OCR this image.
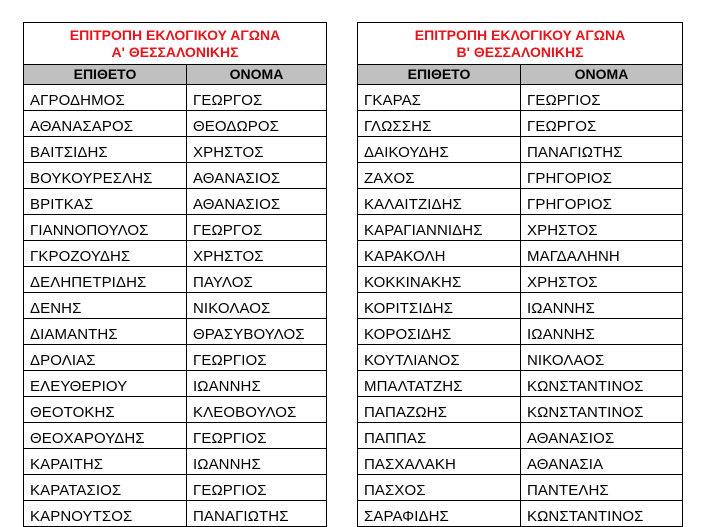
ΕΠΙΤΡΟΠΗ ΕΚΛΟΓΙΚΟΥ ΑΓΩΝΑ
Α' ΘΕΣΣΑΛΟΝΙΚΗΣ	

ΕΠΙΘΕΤΟ	ΟΝΟΜΑ
ΑΓΡΟΔΗΜΟΣ	ΓΕΩΡΓΟΣ
ΑΘΑΝΑΣΑΡΟΣ	ΘΕΟΔΩΡΟΣ
ΒΑΙΤΣΙΔΗΣ	ΧΡΗΣΤΟΣ
ΒΟΥΚΟΥΡΕΣΛΗΣ	ΑΘΑΝΑΣΙΟΣ
ΒΡΙΤΚΑΣ	ΑΘΑΝΑΣΙΟΣ
ΓΙΑΝΝΟΠΟΥΛΟΣ	ΓΕΩΡΓΟΣ
ΓΚΡΟΖΟΥΔΗΣ	ΧΡΗΣΤΟΣ
ΔΕΛΗΠΕΤΡΙΔΗΣ	ΠΑΥΛΟΣ
ΔΕΝΗΣ	ΝΙΚΟΛΑΟΣ
ΔΙΑΜΑΝΤΗΣ	ΘΡΑΣΥΒΟΥΛΟΣ
ΔΡΟΛΙΑΣ	ΓΕΩΡΓΙΟΣ
ΕΛΕΥΘΕΡΙΟΥ	ΙΩΑΝΝΗΣ
ΘΕΟΤΟΚΗΣ	ΚΛΕΟΒΟΥΛΟΣ
ΘΕΟΧΑΡΟΥΔΗΣ	ΓΕΩΡΓΙΟΣ
ΚΑΡΑΙΤΗΣ	ΙΩΑΝΝΗΣ
ΚΑΡΑΤΑΣΙΟΣ	ΓΕΩΡΓΙΟΣ
ΚΑΡΝΟΥΤΣΟΣ	ΠΑΝΑΓΙΩΤΗΣ
ΕΠΙΤΡΟΠΗ ΕΚΛΟΓΙΚΟΥ ΑΓΩΝΑ
Β' ΘΕΣΣΑΛΟΝΙΚΗΣ	

ΕΠΙΘΕΤΟ	ΟΝΟΜΑ
ΓΚΑΡΑΣ	ΓΕΩΡΓΙΟΣ
ΓΛΩΣΣΗΣ	ΓΕΩΡΓΟΣ
ΔΑΙΚΟΥΔΗΣ	ΠΑΝΑΓΙΩΤΗΣ
ΖΑΧΟΣ	ΓΡΗΓΟΡΙΟΣ
ΚΑΛΑΙΤΖΙΔΗΣ	ΓΡΗΓΟΡΙΟΣ
ΚΑΡΑΓΙΑΝΝΙΔΗΣ	ΧΡΗΣΤΟΣ
ΚΑΡΑΚΟΛΗ	ΜΑΓΔΑΛΗΝΗ
ΚΟΚΚΙΝΑΚΗΣ	ΧΡΗΣΤΟΣ
ΚΟΡΙΤΣΙΔΗΣ	ΙΩΑΝΝΗΣ
ΚΟΡΟΣΙΔΗΣ	ΙΩΑΝΝΗΣ
ΚΟΥΤΛΙΑΝΟΣ	ΝΙΚΟΛΑΟΣ
ΜΠΑΛΤΑΤΖΗΣ	ΚΩΝΣΤΑΝΤΙΝΟΣ
ΠΑΠΑΖΩΗΣ	ΚΩΝΣΤΑΝΤΙΝΟΣ
ΠΑΠΠΑΣ	ΑΘΑΝΑΣΙΟΣ
ΠΑΣΧΑΛΑΚΗ	ΑΘΑΝΑΣΙΑ
ΠΑΣΧΟΣ	ΠΑΝΤΕΛΗΣ
ΣΑΡΑΦΙΔΗΣ	ΚΩΝΣΤΑΝΤΙΝΟΣ
